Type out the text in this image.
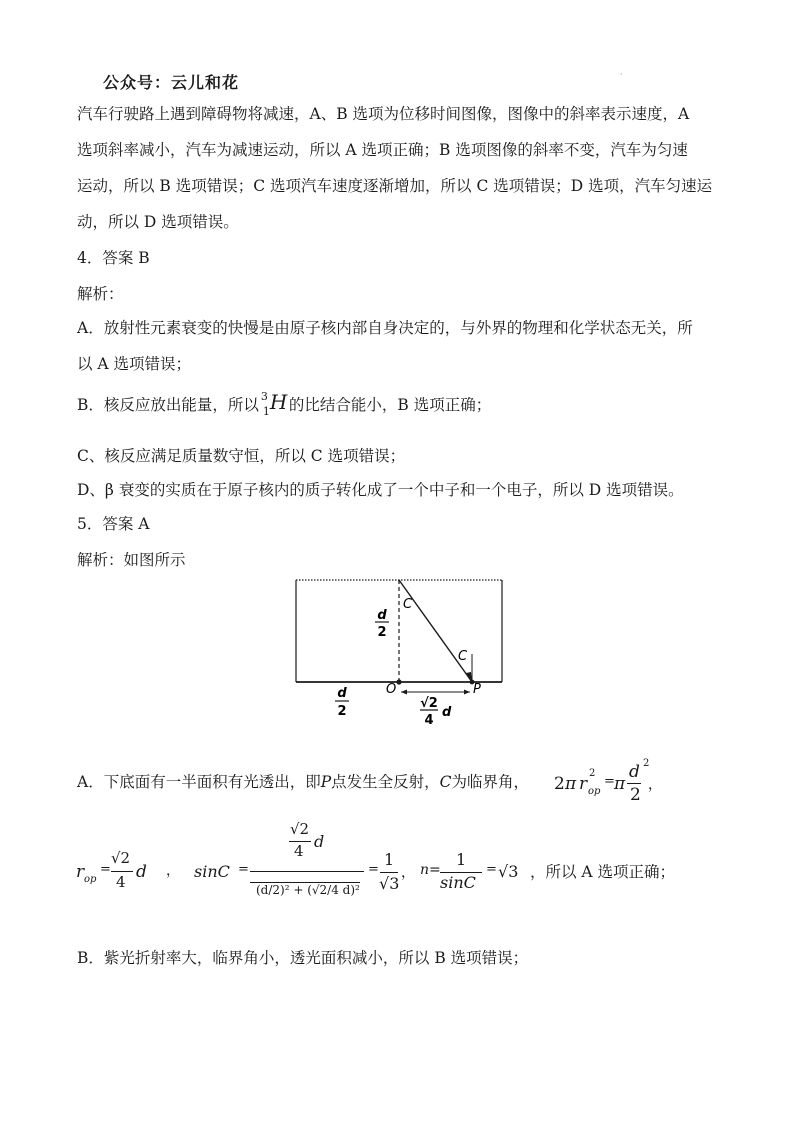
公众号：云儿和花	·
汽车行驶路上遇到障碍物将减速，A、B 选项为位移时间图像，图像中的斜率表示速度，A
选项斜率减小，汽车为减速运动，所以 A 选项正确；B 选项图像的斜率不变，汽车为匀速
运动，所以 B 选项错误；C 选项汽车速度逐渐增加，所以 C 选项错误；D 选项，汽车匀速运
动，所以 D 选项错误。
4．答案 B
解析：
A．放射性元素衰变的快慢是由原子核内部自身决定的，与外界的物理和化学状态无关，所
以 A 选项错误；
B．核反应放出能量，所以 3
1 H 的比结合能小，B 选项正确；
C、核反应满足质量数守恒，所以 C 选项错误；
D、β 衰变的实质在于原子核内的质子转化成了一个中子和一个电子，所以 D 选项错误。
5．答案 A
解析：如图所示
d
2
C
C
O	P
d
2
√2
4
d
A．下底面有一半面积有光透出，即P点发生全反射，C为临界角， 2 π r op
2
= π
d
2
2
，
r op
=
√2
4 d ， sinC =
√2
4 d
(d/2)² + (√2/4 d)²
=
1
√3
， n=
1
sinC
= √3 ，所以 A 选项正确；
B．紫光折射率大，临界角小，透光面积减小，所以 B 选项错误；
